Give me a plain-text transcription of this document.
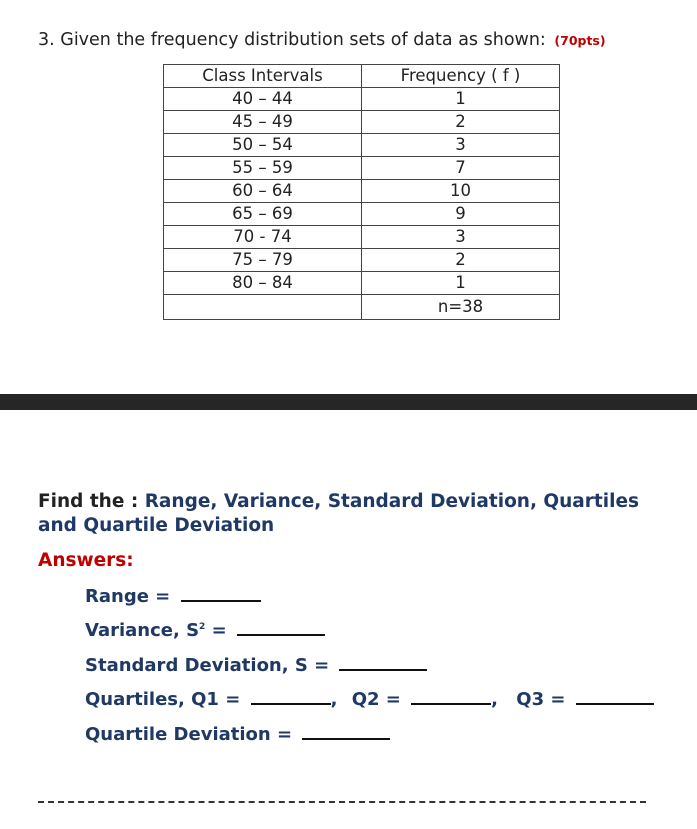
3. Given the frequency distribution sets of data as shown: (70pts)
Class Intervals	Frequency ( f )
40 – 44	1
45 – 49	2
50 – 54	3
55 – 59	7
60 – 64	10
65 – 69	9
70 - 74	3
75 – 79	2
80 – 84	1
	n=38
Find the : Range, Variance, Standard Deviation, Quartiles and Quartile Deviation
Answers:
Range =
Variance, $S^2$ =
Standard Deviation, S =
Quartiles, Q1 =	, Q2 =	, Q3 =
Quartile Deviation =
